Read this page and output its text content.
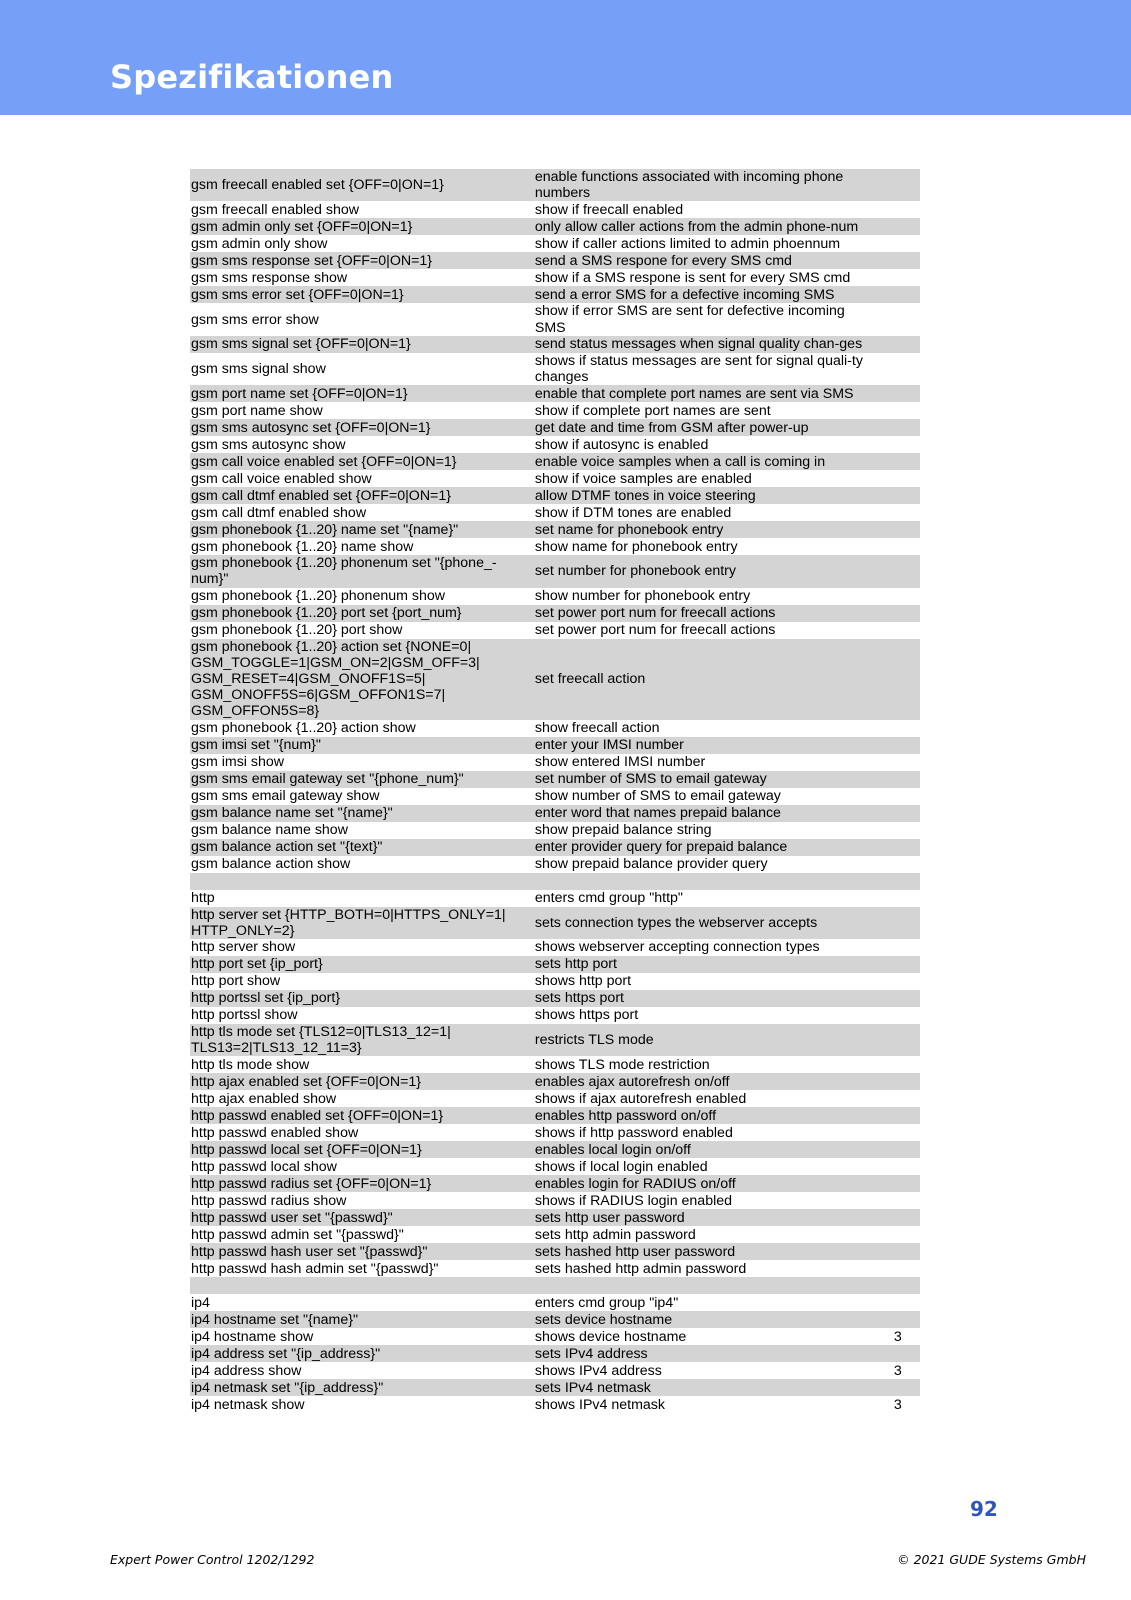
Spezifikationen
gsm freecall enabled set {OFF=0|ON=1}	enable functions associated with incoming phone numbers	
gsm freecall enabled show	show if freecall enabled	
gsm admin only set {OFF=0|ON=1}	only allow caller actions from the admin phone-num	
gsm admin only show	show if caller actions limited to admin phoennum	
gsm sms response set {OFF=0|ON=1}	send a SMS respone for every SMS cmd	
gsm sms response show	show if a SMS respone is sent for every SMS cmd	
gsm sms error set {OFF=0|ON=1}	send a error SMS for a defective incoming SMS	
gsm sms error show	show if error SMS are sent for defective incoming SMS	
gsm sms signal set {OFF=0|ON=1}	send status messages when signal quality chan-ges	
gsm sms signal show	shows if status messages are sent for signal quali-ty changes	
gsm port name set {OFF=0|ON=1}	enable that complete port names are sent via SMS	
gsm port name show	show if complete port names are sent	
gsm sms autosync set {OFF=0|ON=1}	get date and time from GSM after power-up	
gsm sms autosync show	show if autosync is enabled	
gsm call voice enabled set {OFF=0|ON=1}	enable voice samples when a call is coming in	
gsm call voice enabled show	show if voice samples are enabled	
gsm call dtmf enabled set {OFF=0|ON=1}	allow DTMF tones in voice steering	
gsm call dtmf enabled show	show if DTM tones are enabled	
gsm phonebook {1..20} name set "{name}"	set name for phonebook entry	
gsm phonebook {1..20} name show	show name for phonebook entry	
gsm phonebook {1..20} phonenum set "{phone_-num}"	set number for phonebook entry	
gsm phonebook {1..20} phonenum show	show number for phonebook entry	
gsm phonebook {1..20} port set {port_num}	set power port num for freecall actions	
gsm phonebook {1..20} port show	set power port num for freecall actions	
gsm phonebook {1..20} action set {NONE=0| GSM_TOGGLE=1|GSM_ON=2|GSM_OFF=3| GSM_RESET=4|GSM_ONOFF1S=5| GSM_ONOFF5S=6|GSM_OFFON1S=7| GSM_OFFON5S=8}	set freecall action	
gsm phonebook {1..20} action show	show freecall action	
gsm imsi set "{num}"	enter your IMSI number	
gsm imsi show	show entered IMSI number	
gsm sms email gateway set "{phone_num}"	set number of SMS to email gateway	
gsm sms email gateway show	show number of SMS to email gateway	
gsm balance name set "{name}"	enter word that names prepaid balance	
gsm balance name show	show prepaid balance string	
gsm balance action set "{text}"	enter provider query for prepaid balance	
gsm balance action show	show prepaid balance provider query	

http	enters cmd group "http"	
http server set {HTTP_BOTH=0|HTTPS_ONLY=1| HTTP_ONLY=2}	sets connection types the webserver accepts	
http server show	shows webserver accepting connection types	
http port set {ip_port}	sets http port	
http port show	shows http port	
http portssl set {ip_port}	sets https port	
http portssl show	shows https port	
http tls mode set {TLS12=0|TLS13_12=1| TLS13=2|TLS13_12_11=3}	restricts TLS mode	
http tls mode show	shows TLS mode restriction	
http ajax enabled set {OFF=0|ON=1}	enables ajax autorefresh on/off	
http ajax enabled show	shows if ajax autorefresh enabled	
http passwd enabled set {OFF=0|ON=1}	enables http password on/off	
http passwd enabled show	shows if http password enabled	
http passwd local set {OFF=0|ON=1}	enables local login on/off	
http passwd local show	shows if local login enabled	
http passwd radius set {OFF=0|ON=1}	enables login for RADIUS on/off	
http passwd radius show	shows if RADIUS login enabled	
http passwd user set "{passwd}"	sets http user password	
http passwd admin set "{passwd}"	sets http admin password	
http passwd hash user set "{passwd}"	sets hashed http user password	
http passwd hash admin set "{passwd}"	sets hashed http admin password	

ip4	enters cmd group "ip4"	
ip4 hostname set "{name}"	sets device hostname	
ip4 hostname show	shows device hostname	3
ip4 address set "{ip_address}"	sets IPv4 address	
ip4 address show	shows IPv4 address	3
ip4 netmask set "{ip_address}"	sets IPv4 netmask	
ip4 netmask show	shows IPv4 netmask	3
92
Expert Power Control 1202/1292	© 2021 GUDE Systems GmbH
